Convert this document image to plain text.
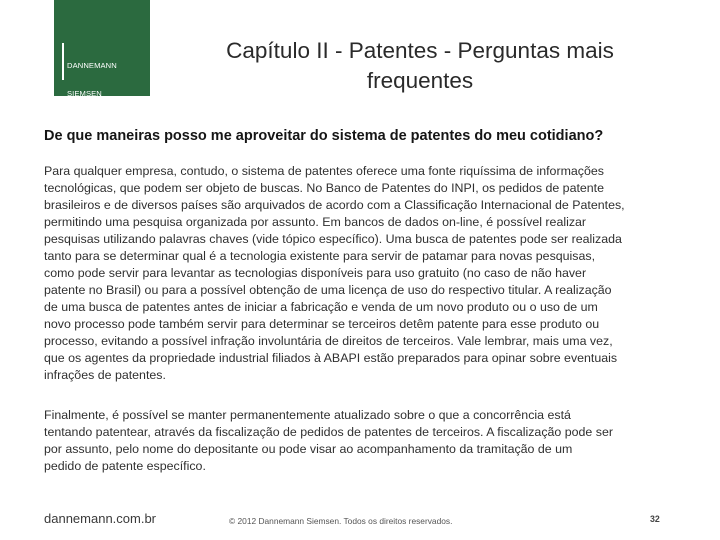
DANNEMANN

SIEMSEN

BIGLER &

IPANEMA MOREIRA

Capítulo II - Patentes - Perguntas mais
frequentes
De que maneiras posso me aproveitar do sistema de patentes do meu cotidiano?
Para qualquer empresa, contudo, o sistema de patentes oferece uma fonte riquíssima de informações
tecnológicas, que podem ser objeto de buscas. No Banco de Patentes do INPI, os pedidos de patente
brasileiros e de diversos países são arquivados de acordo com a Classificação Internacional de Patentes,
permitindo uma pesquisa organizada por assunto. Em bancos de dados on-line, é possível realizar
pesquisas utilizando palavras chaves (vide tópico específico). Uma busca de patentes pode ser realizada
tanto para se determinar qual é a tecnologia existente para servir de patamar para novas pesquisas,
como pode servir para levantar as tecnologias disponíveis para uso gratuito (no caso de não haver
patente no Brasil) ou para a possível obtenção de uma licença de uso do respectivo titular. A realização
de uma busca de patentes antes de iniciar a fabricação e venda de um novo produto ou o uso de um
novo processo pode também servir para determinar se terceiros detêm patente para esse produto ou
processo, evitando a possível infração involuntária de direitos de terceiros. Vale lembrar, mais uma vez,
que os agentes da propriedade industrial filiados à ABAPI estão preparados para opinar sobre eventuais
infrações de patentes.
Finalmente, é possível se manter permanentemente atualizado sobre o que a concorrência está
tentando patentear, através da fiscalização de pedidos de patentes de terceiros. A fiscalização pode ser
por assunto, pelo nome do depositante ou pode visar ao acompanhamento da tramitação de um
pedido de patente específico.
dannemann.com.br	© 2012 Dannemann Siemsen. Todos os direitos reservados.	32
